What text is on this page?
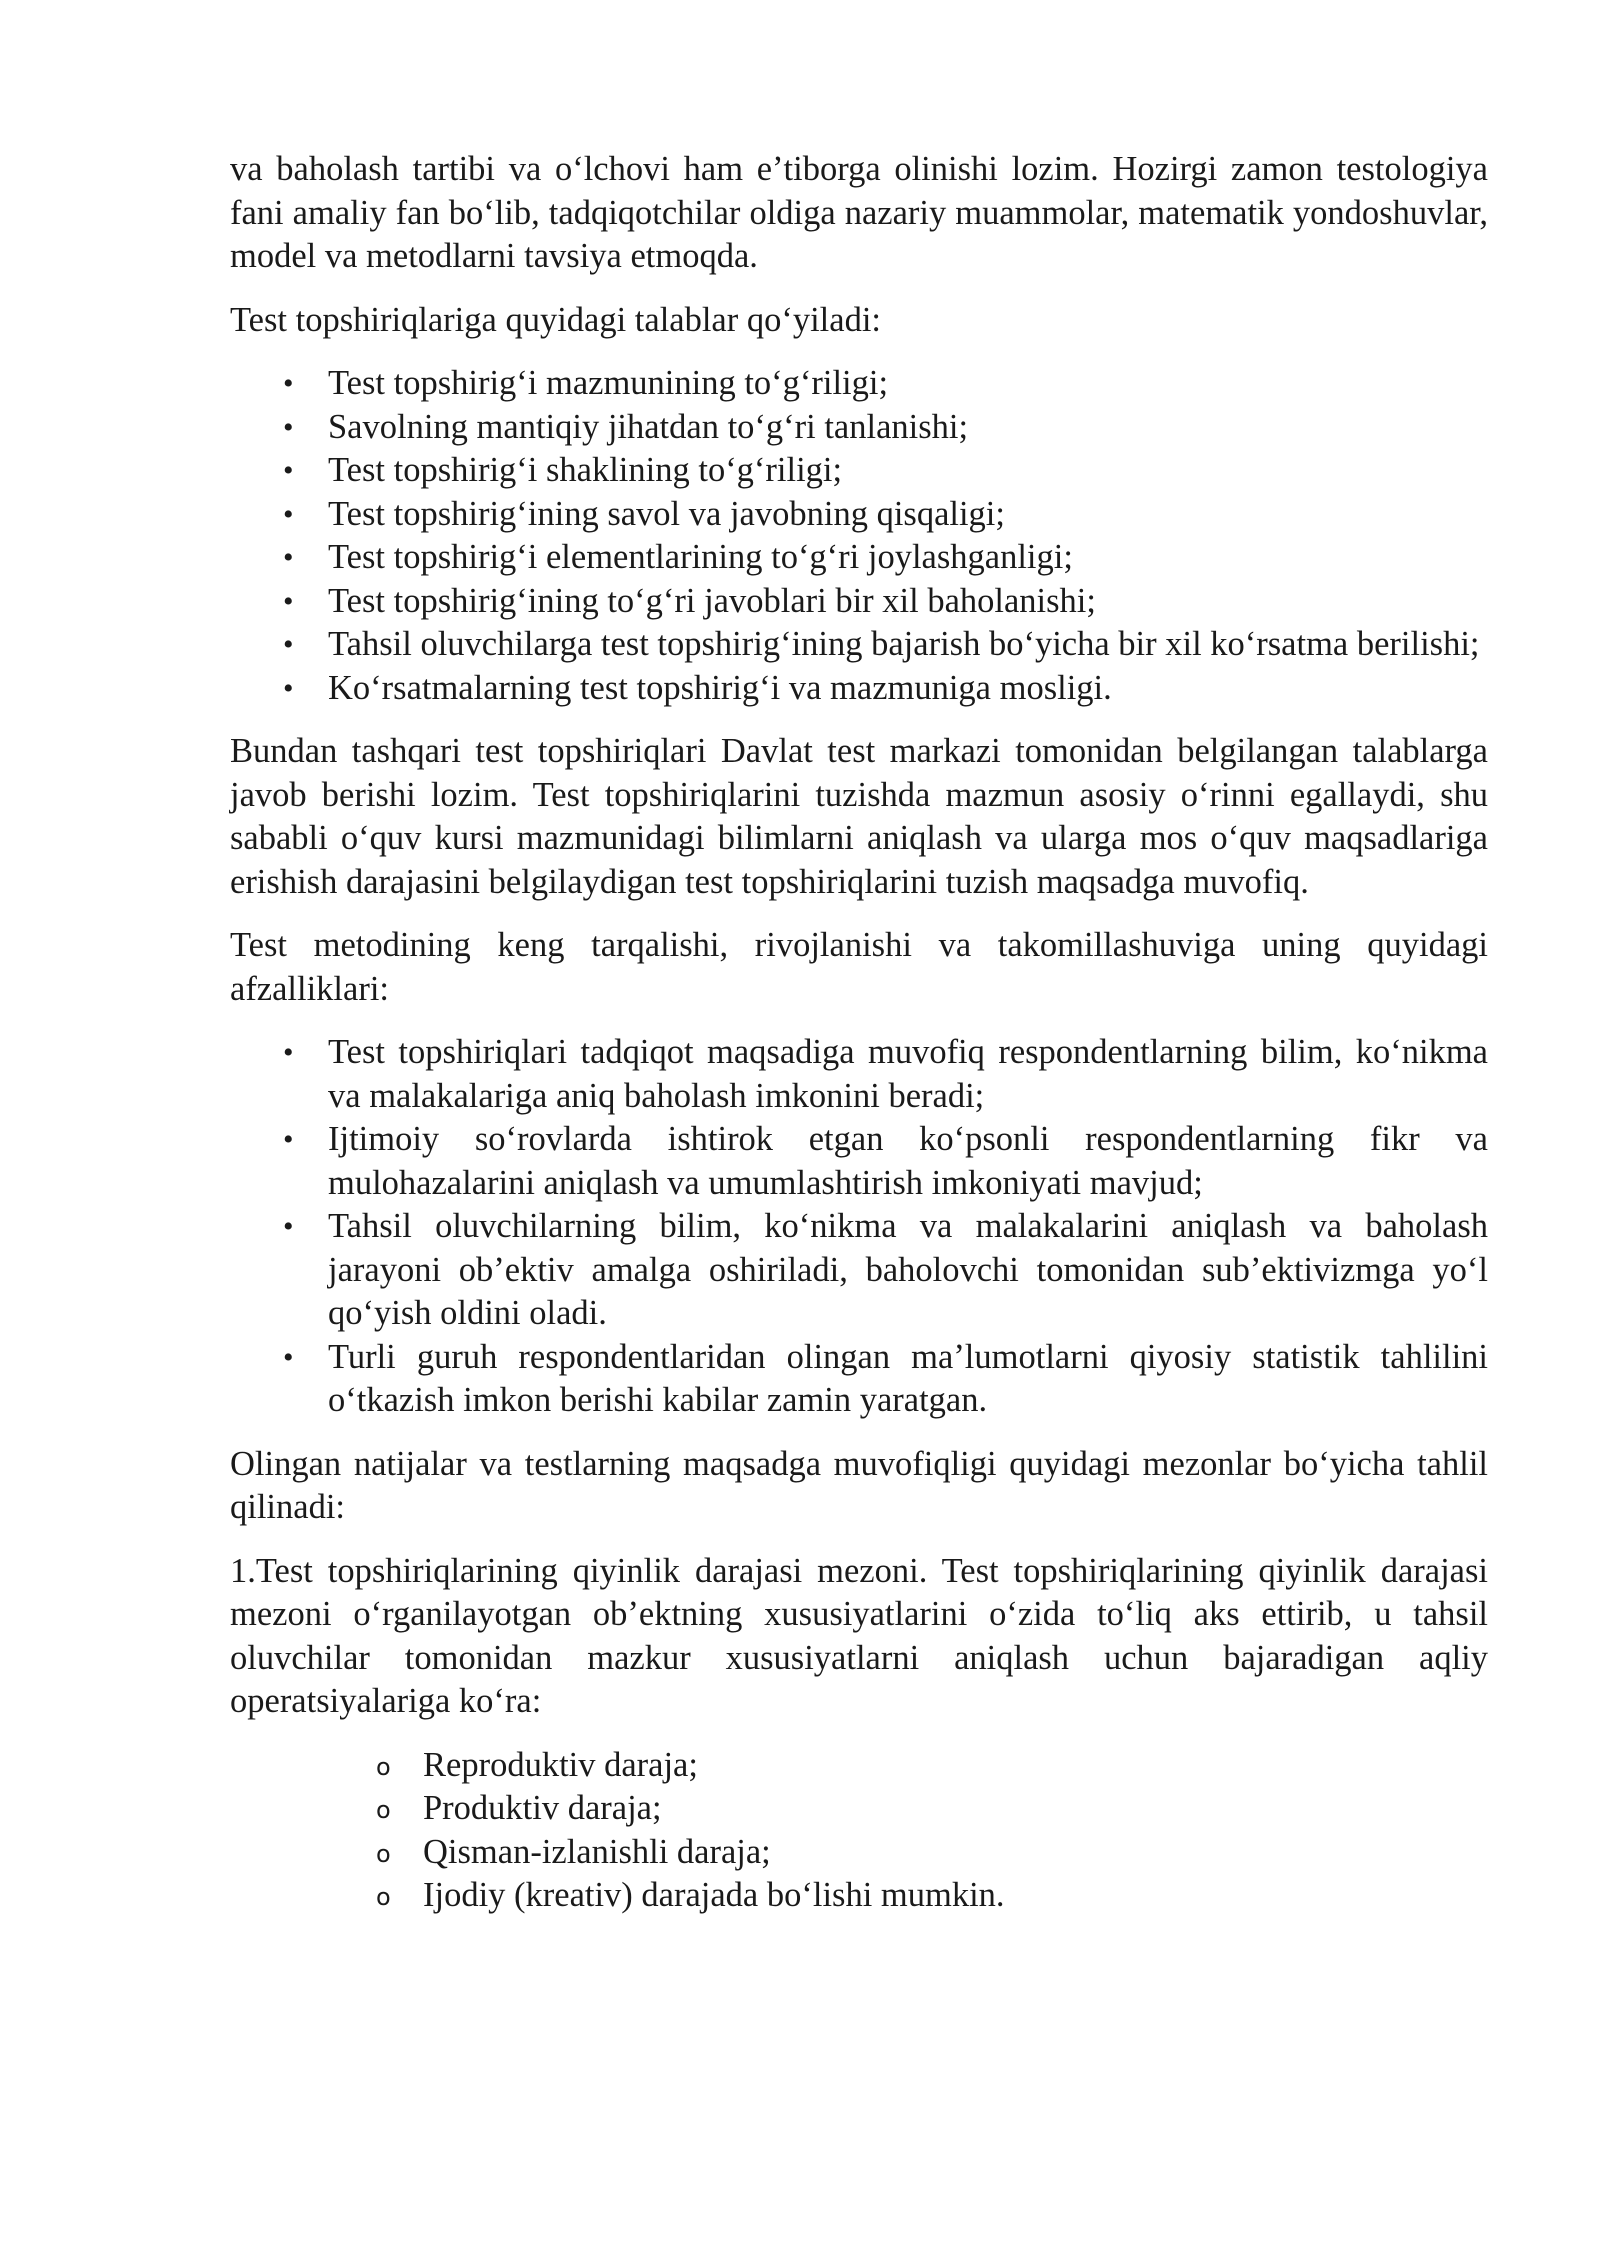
va baholash tartibi va oʻlchovi ham eʼtiborga olinishi lozim. Hozirgi zamon testologiya fani amaliy fan boʻlib, tadqiqotchilar oldiga nazariy muammolar, matematik yondoshuvlar, model va metodlarni tavsiya etmoqda.

Test topshiriqlariga quyidagi talablar qoʻyiladi:

• Test topshirigʻi mazmunining toʻgʻriligi;
• Savolning mantiqiy jihatdan toʻgʻri tanlanishi;
• Test topshirigʻi shaklining toʻgʻriligi;
• Test topshirigʻining savol va javobning qisqaligi;
• Test topshirigʻi elementlarining toʻgʻri joylashganligi;
• Test topshirigʻining toʻgʻri javoblari bir xil baholanishi;
• Tahsil oluvchilarga test topshirigʻining bajarish boʻyicha bir xil koʻrsatma berilishi;
• Koʻrsatmalarning test topshirigʻi va mazmuniga mosligi.

Bundan tashqari test topshiriqlari Davlat test markazi tomonidan belgilangan talablarga javob berishi lozim. Test topshiriqlarini tuzishda mazmun asosiy oʻrinni egallaydi, shu sababli oʻquv kursi mazmunidagi bilimlarni aniqlash va ularga mos oʻquv maqsadlariga erishish darajasini belgilaydigan test topshiriqlarini tuzish maqsadga muvofiq.

Test metodining keng tarqalishi, rivojlanishi va takomillashuviga uning quyidagi afzalliklari:

• Test topshiriqlari tadqiqot maqsadiga muvofiq respondentlarning bilim, koʻnikma va malakalariga aniq baholash imkonini beradi;
• Ijtimoiy soʻrovlarda ishtirok etgan koʻpsonli respondentlarning fikr va mulohazalarini aniqlash va umumlashtirish imkoniyati mavjud;
• Tahsil oluvchilarning bilim, koʻnikma va malakalarini aniqlash va baholash jarayoni obʼektiv amalga oshiriladi, baholovchi tomonidan subʼektivizmga yoʻl qoʻyish oldini oladi.
• Turli guruh respondentlaridan olingan maʼlumotlarni qiyosiy statistik tahlilini oʻtkazish imkon berishi kabilar zamin yaratgan.

Olingan natijalar va testlarning maqsadga muvofiqligi quyidagi mezonlar boʻyicha tahlil qilinadi:

1.Test topshiriqlarining qiyinlik darajasi mezoni. Test topshiriqlarining qiyinlik darajasi mezoni oʻrganilayotgan obʼektning xususiyatlarini oʻzida toʻliq aks ettirib, u tahsil oluvchilar tomonidan mazkur xususiyatlarni aniqlash uchun bajaradigan aqliy operatsiyalariga koʻra:

o Reproduktiv daraja;
o Produktiv daraja;
o Qisman-izlanishli daraja;
o Ijodiy (kreativ) darajada boʻlishi mumkin.
